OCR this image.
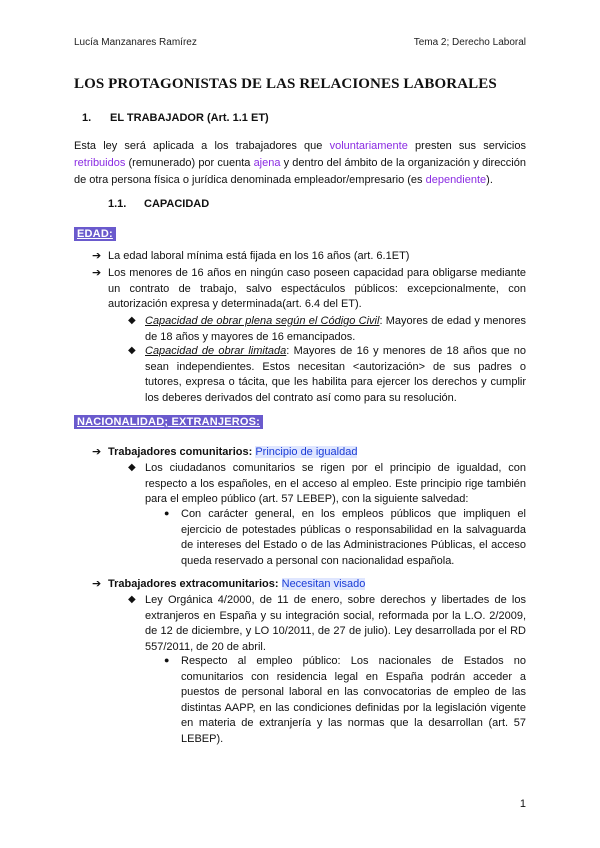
Lucía Manzanares Ramírez	Tema 2; Derecho Laboral
LOS PROTAGONISTAS DE LAS RELACIONES LABORALES
1. EL TRABAJADOR (Art. 1.1 ET)
Esta ley será aplicada a los trabajadores que voluntariamente presten sus servicios retribuidos (remunerado) por cuenta ajena y dentro del ámbito de la organización y dirección de otra persona física o jurídica denominada empleador/empresario (es dependiente).
1.1. CAPACIDAD
EDAD:
➔ La edad laboral mínima está fijada en los 16 años (art. 6.1ET)
➔ Los menores de 16 años en ningún caso poseen capacidad para obligarse mediante un contrato de trabajo, salvo espectáculos públicos: excepcionalmente, con autorización expresa y determinada(art. 6.4 del ET).
◆ Capacidad de obrar plena según el Código Civil: Mayores de edad y menores de 18 años y mayores de 16 emancipados.
◆ Capacidad de obrar limitada: Mayores de 16 y menores de 18 años que no sean independientes. Estos necesitan <autorización> de sus padres o tutores, expresa o tácita, que les habilita para ejercer los derechos y cumplir los deberes derivados del contrato así como para su resolución.
NACIONALIDAD; EXTRANJEROS:
➔ Trabajadores comunitarios: Principio de igualdad
◆ Los ciudadanos comunitarios se rigen por el principio de igualdad, con respecto a los españoles, en el acceso al empleo. Este principio rige también para el empleo público (art. 57 LEBEP), con la siguiente salvedad:
● Con carácter general, en los empleos públicos que impliquen el ejercicio de potestades públicas o responsabilidad en la salvaguarda de intereses del Estado o de las Administraciones Públicas, el acceso queda reservado a personal con nacionalidad española.
➔ Trabajadores extracomunitarios: Necesitan visado
◆ Ley Orgánica 4/2000, de 11 de enero, sobre derechos y libertades de los extranjeros en España y su integración social, reformada por la L.O. 2/2009, de 12 de diciembre, y LO 10/2011, de 27 de julio). Ley desarrollada por el RD 557/2011, de 20 de abril.
● Respecto al empleo público: Los nacionales de Estados no comunitarios con residencia legal en España podrán acceder a puestos de personal laboral en las convocatorias de empleo de las distintas AAPP, en las condiciones definidas por la legislación vigente en materia de extranjería y las normas que la desarrollan (art. 57 LEBEP).
1
